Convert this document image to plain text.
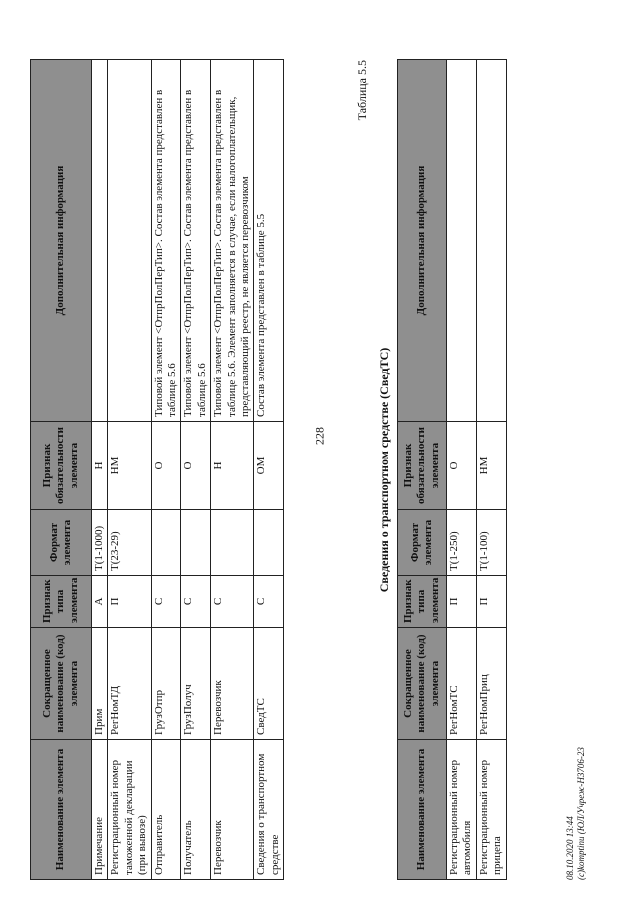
228
Наименование элемента	Сокращенное наименование (код) элемента	Признак типа элемента	Формат элемента	Признак обязательности элемента	Дополнительная информация
Примечание	Прим	А	T(1-1000)	Н	
Регистрационный номер таможенной декларации (при вывозе)	РегНомТД	П	T(23-29)	НМ	
Отправитель	ГрузОтпр	С		О	Типовой элемент <ОтпрПолПерТип>. Состав элемента представлен в таблице 5.6
Получатель	ГрузПолуч	С		О	Типовой элемент <ОтпрПолПерТип>. Состав элемента представлен в таблице 5.6
Перевозчик	Перевозчик	С		Н	Типовой элемент <ОтпрПолПерТип>. Состав элемента представлен в таблице 5.6. Элемент заполняется в случае, если налогоплательщик, представляющий реестр, не является перевозчиком
Сведения о транспортном средстве	СведТС	С		ОМ	Состав элемента представлен в таблице 5.5
Таблица 5.5
Сведения о транспортном средстве (СведТС)
Наименование элемента	Сокращенное наименование (код) элемента	Признак типа элемента	Формат элемента	Признак обязательности элемента	Дополнительная информация
Регистрационный номер автомобиля	РегНомТС	П	T(1-250)	О	
Регистрационный номер прицепа	РегНомПриц	П	T(1-100)	НМ	
08.10.2020 13:44 (c)komptinu (ЮЛ/Учреж-Н3706-23
